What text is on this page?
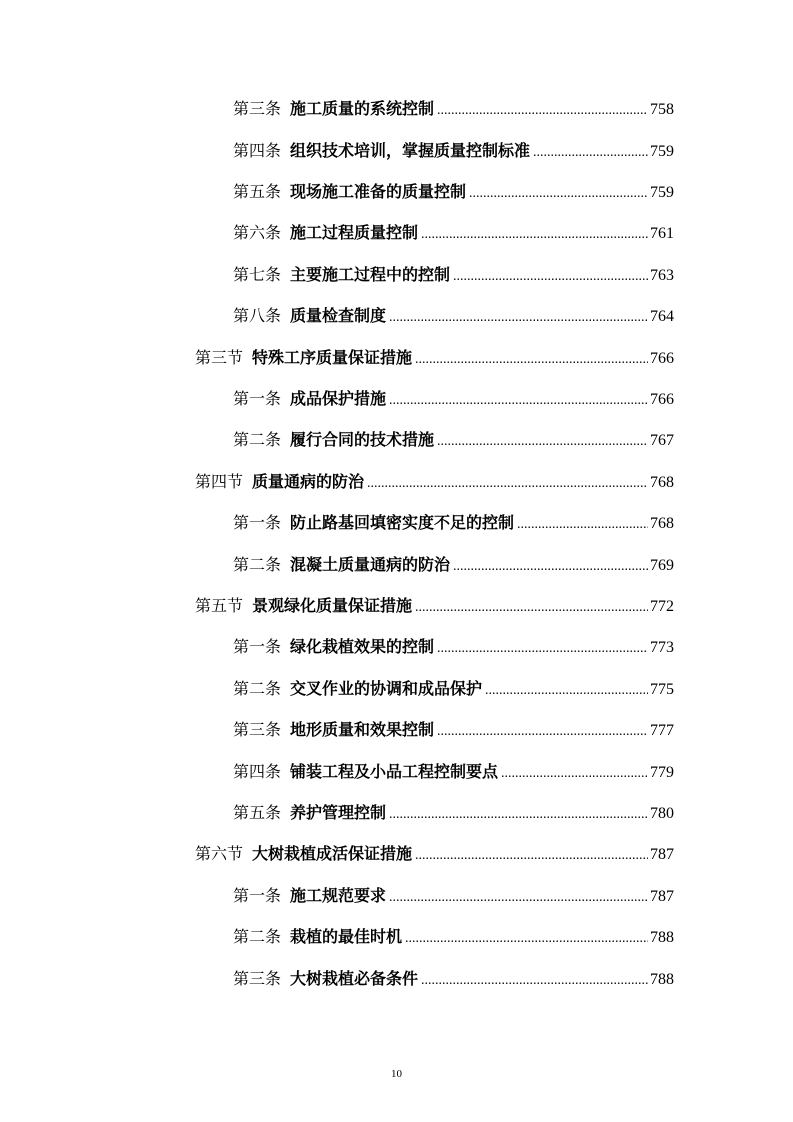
第三条 施工质量的系统控制 .....	758
第四条 组织技术培训，掌握质量控制标准 .....	759
第五条 现场施工准备的质量控制 .....	759
第六条 施工过程质量控制 .....	761
第七条 主要施工过程中的控制 .....	763
第八条 质量检查制度 .....	764
第三节 特殊工序质量保证措施 .....	766
第一条 成品保护措施 .....	766
第二条 履行合同的技术措施 .....	767
第四节 质量通病的防治 .....	768
第一条 防止路基回填密实度不足的控制 .....	768
第二条 混凝土质量通病的防治 .....	769
第五节 景观绿化质量保证措施 .....	772
第一条 绿化栽植效果的控制 .....	773
第二条 交叉作业的协调和成品保护 .....	775
第三条 地形质量和效果控制 .....	777
第四条 铺装工程及小品工程控制要点 .....	779
第五条 养护管理控制 .....	780
第六节 大树栽植成活保证措施 .....	787
第一条 施工规范要求 .....	787
第二条 栽植的最佳时机 .....	788
第三条 大树栽植必备条件 .....	788
10
